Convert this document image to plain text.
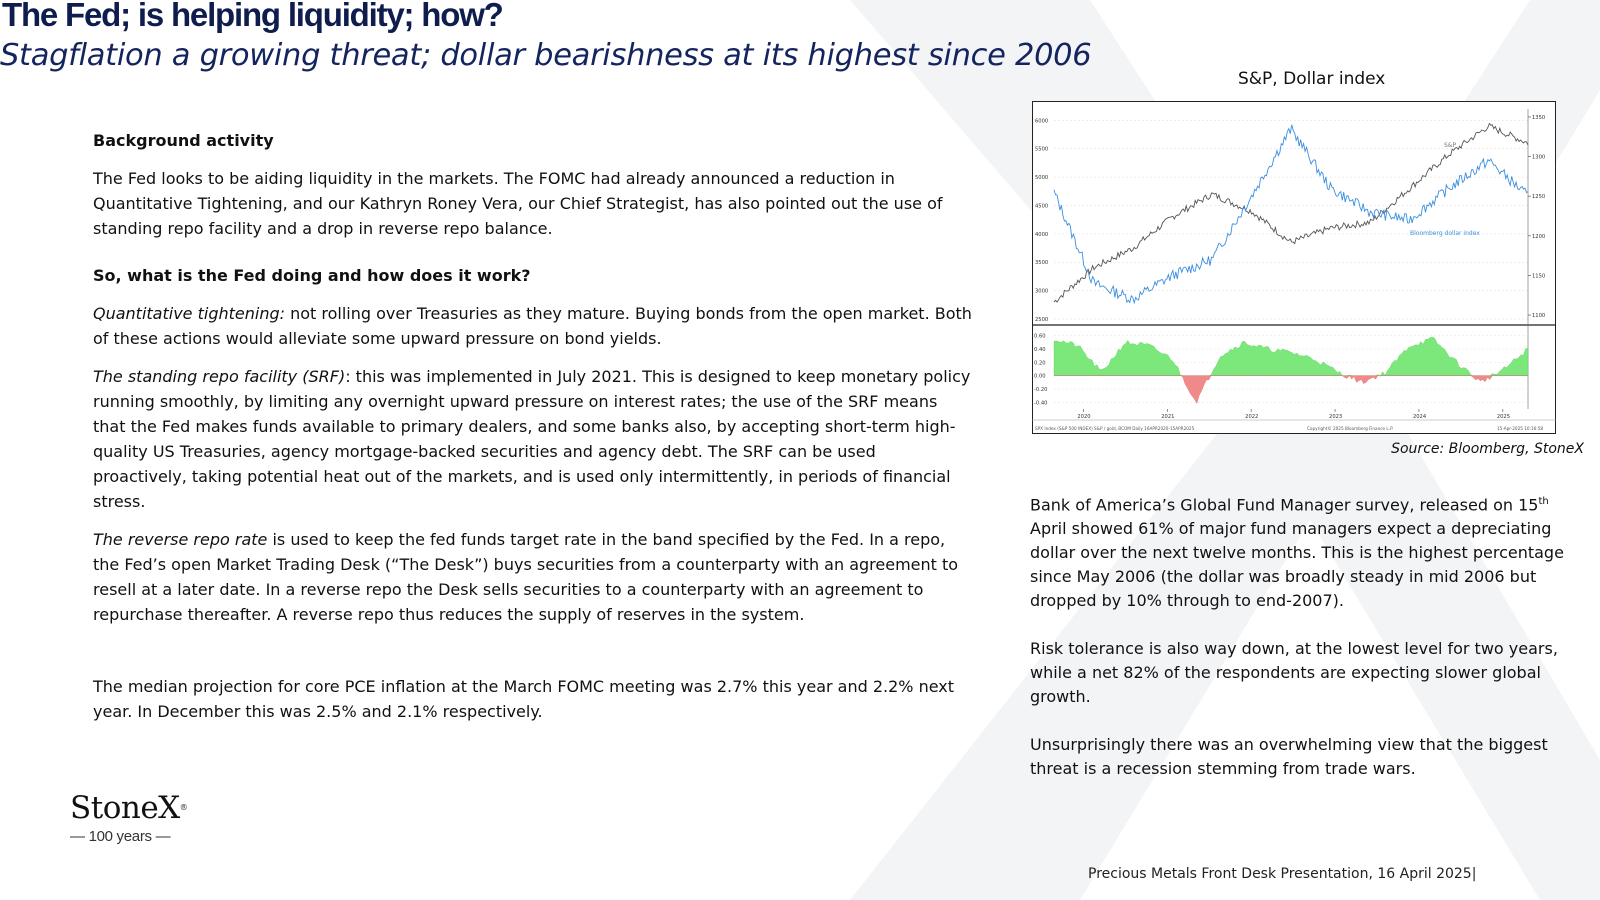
The Fed; is helping liquidity; how?
Stagflation a growing threat; dollar bearishness at its highest since 2006

Background activity

The Fed looks to be aiding liquidity in the markets. The FOMC had already announced a reduction in Quantitative Tightening, and our Kathryn Roney Vera, our Chief Strategist, has also pointed out the use of standing repo facility and a drop in reverse repo balance.

So, what is the Fed doing and how does it work?

Quantitative tightening: not rolling over Treasuries as they mature. Buying bonds from the open market. Both of these actions would alleviate some upward pressure on bond yields.

The standing repo facility (SRF): this was implemented in July 2021. This is designed to keep monetary policy running smoothly, by limiting any overnight upward pressure on interest rates; the use of the SRF means that the Fed makes funds available to primary dealers, and some banks also, by accepting short-term high-quality US Treasuries, agency mortgage-backed securities and agency debt. The SRF can be used proactively, taking potential heat out of the markets, and is used only intermittently, in periods of financial stress.

The reverse repo rate is used to keep the fed funds target rate in the band specified by the Fed. In a repo, the Fed’s open Market Trading Desk (“The Desk”) buys securities from a counterparty with an agreement to resell at a later date. In a reverse repo the Desk sells securities to a counterparty with an agreement to repurchase thereafter. A reverse repo thus reduces the supply of reserves in the system.

The median projection for core PCE inflation at the March FOMC meeting was 2.7% this year and 2.2% next year. In December this was 2.5% and 2.1% respectively.

S&P, Dollar index
6000
5500
5000
4500
4000
3500
3000
2500
1350
1300
1250
1200
1150
1100
0.60
0.40
0.20
0.00
-0.20
-0.40
2020	2021	2022	2023	2024	2025
S&P
Bloomberg dollar index
SPX Index (S&P 500 INDEX) S&P / gold, BCOM Daily 16APR2020-15APR2025	Copyright© 2025 Bloomberg Finance L.P.	15-Apr-2025 10:16:58
Source: Bloomberg, StoneX

Bank of America’s Global Fund Manager survey, released on 15th April showed 61% of major fund managers expect a depreciating dollar over the next twelve months. This is the highest percentage since May 2006 (the dollar was broadly steady in mid 2006 but dropped by 10% through to end-2007).

Risk tolerance is also way down, at the lowest level for two years, while a net 82% of the respondents are expecting slower global growth.

Unsurprisingly there was an overwhelming view that the biggest threat is a recession stemming from trade wars.

StoneX®
— 100 years —
Precious Metals Front Desk Presentation, 16 April 2025|
